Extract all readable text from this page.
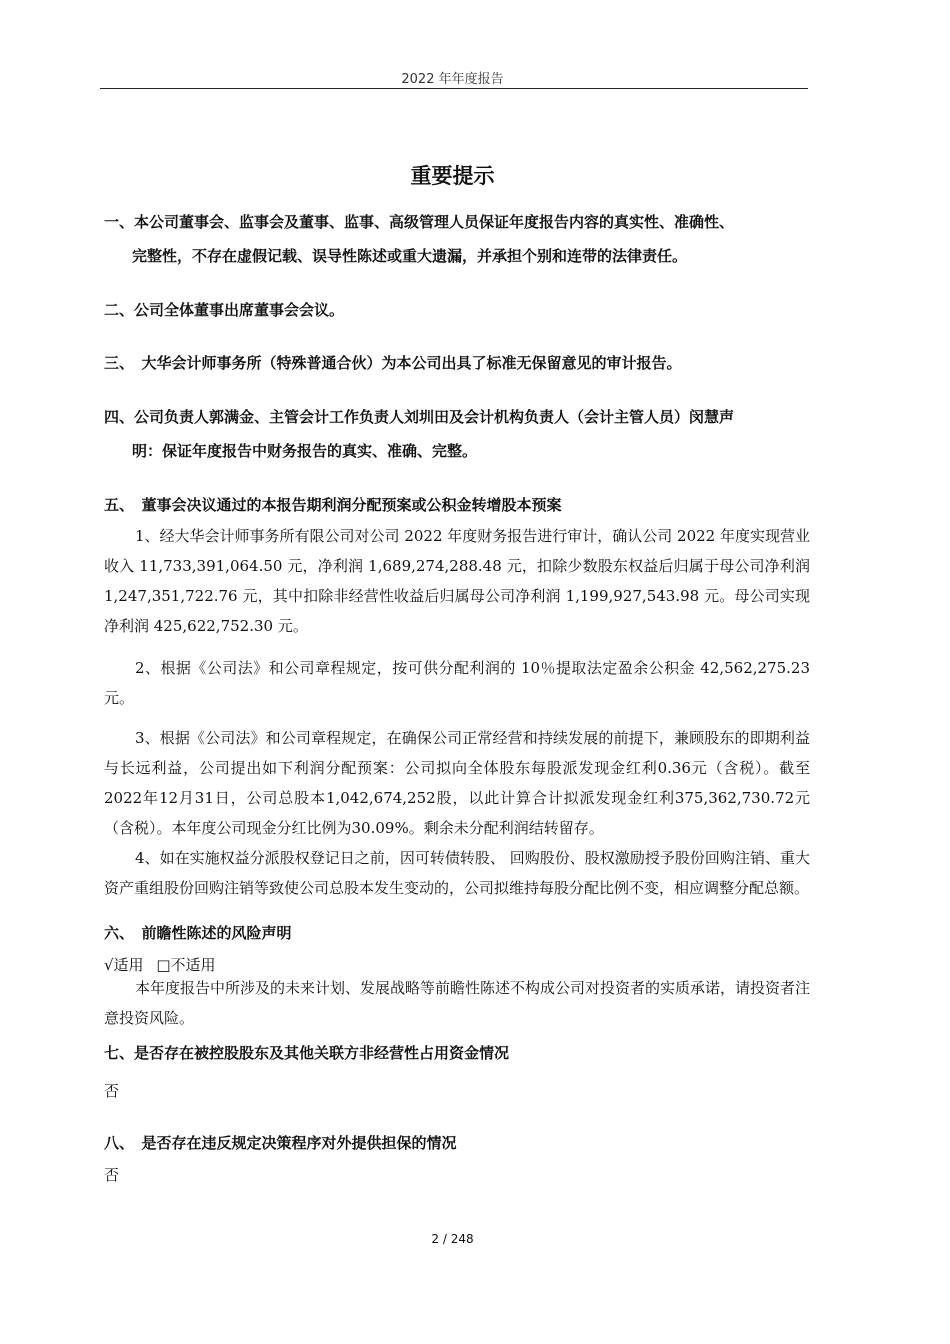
2022 年年度报告
重要提示
一、本公司董事会、监事会及董事、监事、高级管理人员保证年度报告内容的真实性、准确性、
完整性，不存在虚假记载、误导性陈述或重大遗漏，并承担个别和连带的法律责任。
二、公司全体董事出席董事会会议。
三、　大华会计师事务所（特殊普通合伙）为本公司出具了标准无保留意见的审计报告。
四、公司负责人郭满金、主管会计工作负责人刘圳田及会计机构负责人（会计主管人员）闵慧声
明：保证年度报告中财务报告的真实、准确、完整。
五、　董事会决议通过的本报告期利润分配预案或公积金转增股本预案
1、经大华会计师事务所有限公司对公司 2022 年度财务报告进行审计，确认公司 2022 年度实现营业收入 11,733,391,064.50 元，净利润 1,689,274,288.48 元，扣除少数股东权益后归属于母公司净利润 1,247,351,722.76 元，其中扣除非经营性收益后归属母公司净利润 1,199,927,543.98 元。母公司实现净利润 425,622,752.30 元。
2、根据《公司法》和公司章程规定，按可供分配利润的 10％提取法定盈余公积金 42,562,275.23 元。
3、根据《公司法》和公司章程规定，在确保公司正常经营和持续发展的前提下，兼顾股东的即期利益与长远利益，公司提出如下利润分配预案：公司拟向全体股东每股派发现金红利0.36元（含税）。截至2022年12月31日，公司总股本1,042,674,252股，以此计算合计拟派发现金红利375,362,730.72元（含税）。本年度公司现金分红比例为30.09%。剩余未分配利润结转留存。
4、如在实施权益分派股权登记日之前，因可转债转股、 回购股份、股权激励授予股份回购注销、重大资产重组股份回购注销等致使公司总股本发生变动的，公司拟维持每股分配比例不变，相应调整分配总额。
六、　前瞻性陈述的风险声明
√适用 □不适用
本年度报告中所涉及的未来计划、发展战略等前瞻性陈述不构成公司对投资者的实质承诺，请投资者注意投资风险。
七、是否存在被控股股东及其他关联方非经营性占用资金情况
否
八、　是否存在违反规定决策程序对外提供担保的情况
否
2 / 248
